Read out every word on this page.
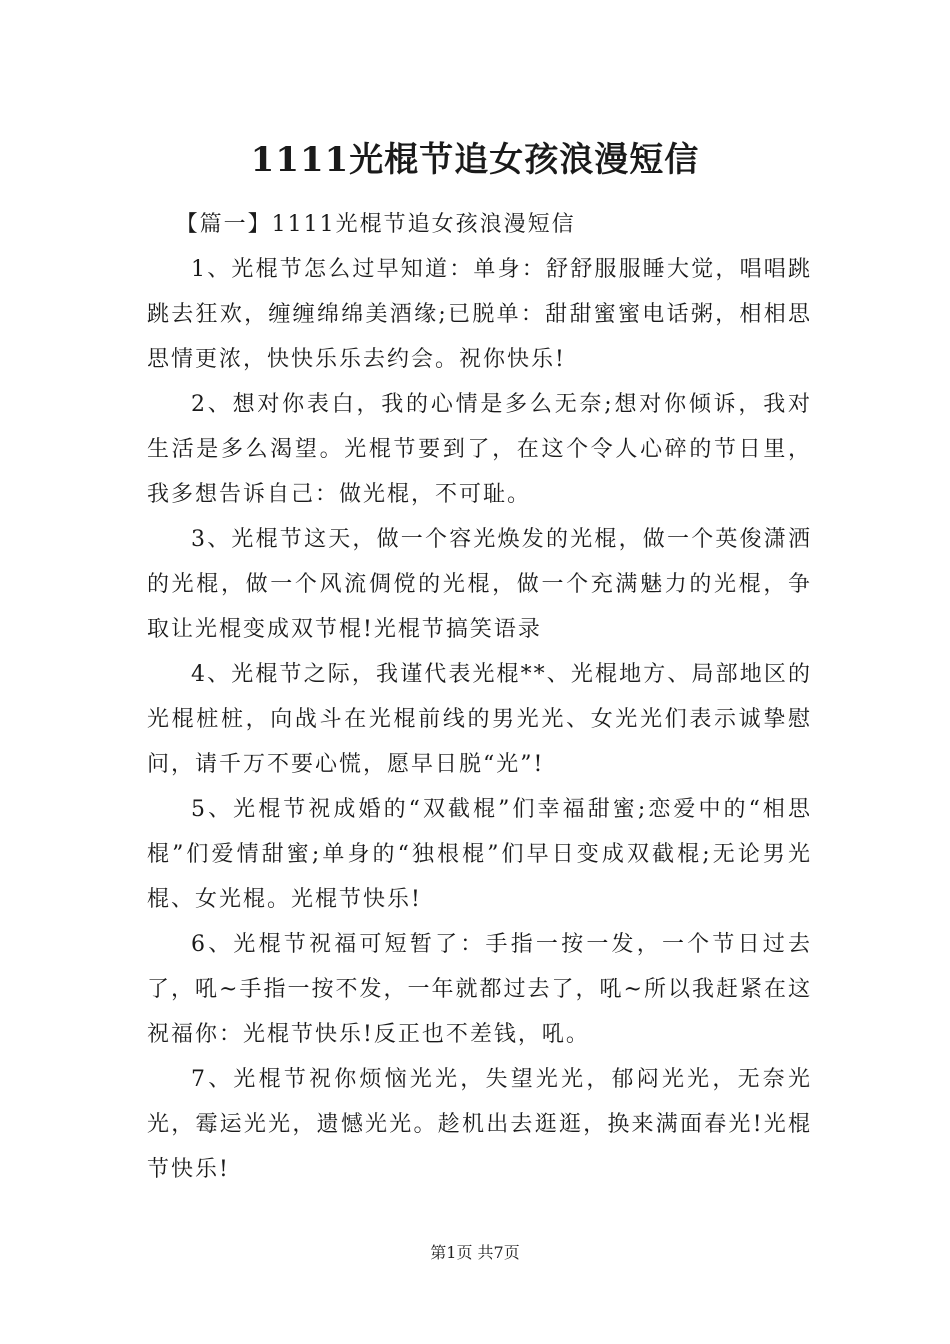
1111光棍节追女孩浪漫短信

【篇一】1111光棍节追女孩浪漫短信

1、光棍节怎么过早知道：单身：舒舒服服睡大觉，唱唱跳跳去狂欢，缠缠绵绵美酒缘;已脱单：甜甜蜜蜜电话粥，相相思思情更浓，快快乐乐去约会。祝你快乐!

2、想对你表白，我的心情是多么无奈;想对你倾诉，我对生活是多么渴望。光棍节要到了，在这个令人心碎的节日里，我多想告诉自己：做光棍，不可耻。

3、光棍节这天，做一个容光焕发的光棍，做一个英俊潇洒的光棍，做一个风流倜傥的光棍，做一个充满魅力的光棍，争取让光棍变成双节棍!光棍节搞笑语录

4、光棍节之际，我谨代表光棍**、光棍地方、局部地区的光棍桩桩，向战斗在光棍前线的男光光、女光光们表示诚挚慰问，请千万不要心慌，愿早日脱“光”!

5、光棍节祝成婚的“双截棍”们幸福甜蜜;恋爱中的“相思棍”们爱情甜蜜;单身的“独根棍”们早日变成双截棍;无论男光棍、女光棍。光棍节快乐!

6、光棍节祝福可短暂了：手指一按一发，一个节日过去了，吼~手指一按不发，一年就都过去了，吼~所以我赶紧在这祝福你：光棍节快乐!反正也不差钱，吼。

7、光棍节祝你烦恼光光，失望光光，郁闷光光，无奈光光，霉运光光，遗憾光光。趁机出去逛逛，换来满面春光!光棍节快乐!

第1页 共7页
